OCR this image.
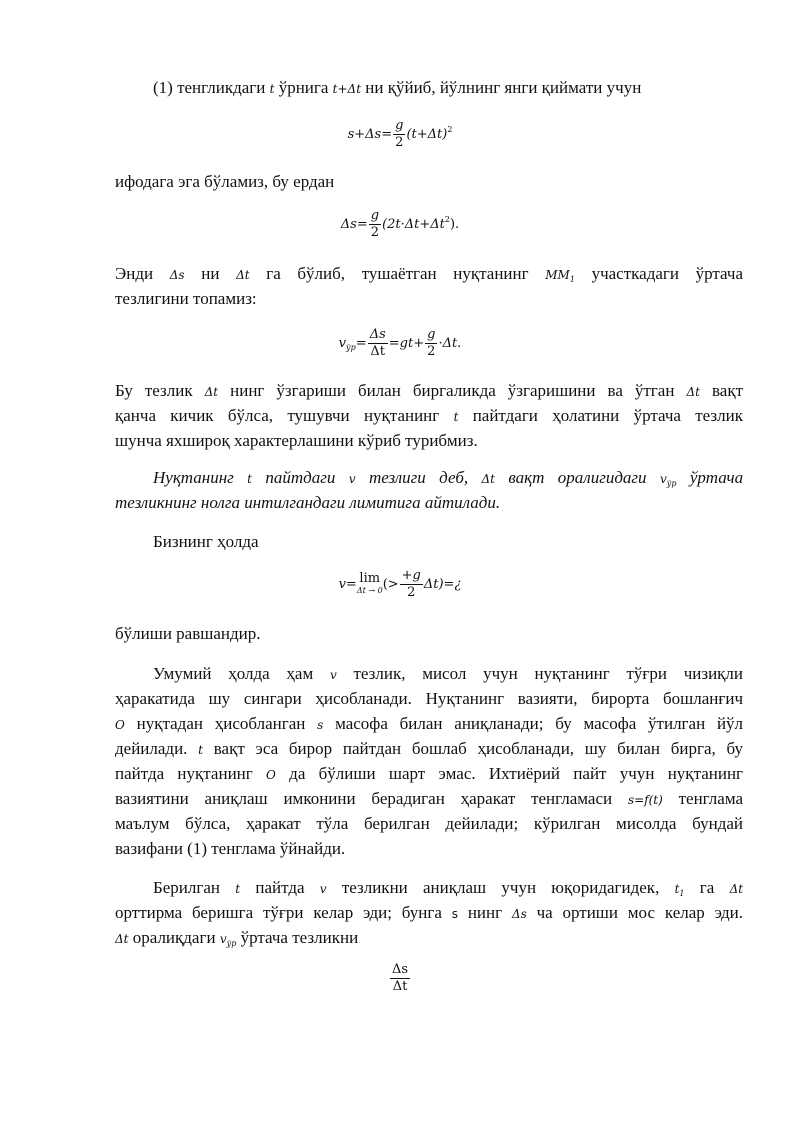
(1) тенгликдаги t ўрнига t+Δt ни қўйиб, йўлнинг янги қиймати учун
$s+\Delta s= \frac{g}{2} (t+\Delta t)^2$
ифодага эга бўламиз, бу ердан
$\Delta s= \frac{g}{2} (2t\cdot\Delta t+\Delta t^2)$.
Энди Δs ни Δt га бўлиб, тушаётган нуқтанинг $MM_1$ участкадаги ўртача
тезлигини топамиз:
$v_{ўр}= \frac{\Delta s}{\Delta t} =gt+ \frac{g}{2} \cdot\Delta t$.
Бу тезлик Δt нинг ўзгариши билан биргаликда ўзгаришини ва ўтган Δt вақт
қанча кичик бўлса, тушувчи нуқтанинг t пайтдаги ҳолатини ўртача тезлик
шунча яхшироқ характерлашини кўриб турибмиз.
Нуқтанинг t пайтдаги v тезлиги деб, Δt вақт оралигидаги $v_{ўр}$ ўртача
тезликнинг нолга интилгандаги лимитига айтилади.
Бизнинг ҳолда
v= lim
Δt → 0 (> $\frac{+g}{2}$ Δt)=¿
бўлиши равшандир.
Умумий ҳолда ҳам v тезлик, мисол учун нуқтанинг тўғри чизиқли
ҳаракатида шу сингари ҳисобланади. Нуқтанинг вазияти, бирорта бошланғич
O нуқтадан ҳисобланган s масофа билан аниқланади; бу масофа ўтилган йўл
дейилади. t вақт эса бирор пайтдан бошлаб ҳисобланади, шу билан бирга, бу
пайтда нуқтанинг O да бўлиши шарт эмас. Ихтиёрий пайт учун нуқтанинг
вазиятини аниқлаш имконини берадиган ҳаракат тенгламаси s=f(t) тенглама
маълум бўлса, ҳаракат тўла берилган дейилади; кўрилган мисолда бундай
вазифани (1) тенглама ўйнайди.
Берилган t пайтда v тезликни аниқлаш учун юқоридагидек, $t_1$ га Δt
орттирма беришга тўғри келар эди; бунга s нинг Δs ча ортиши мос келар эди.
Δt оралиқдаги $v_{ўр}$ ўртача тезликни
$\frac{\Delta s}{\Delta t}$
